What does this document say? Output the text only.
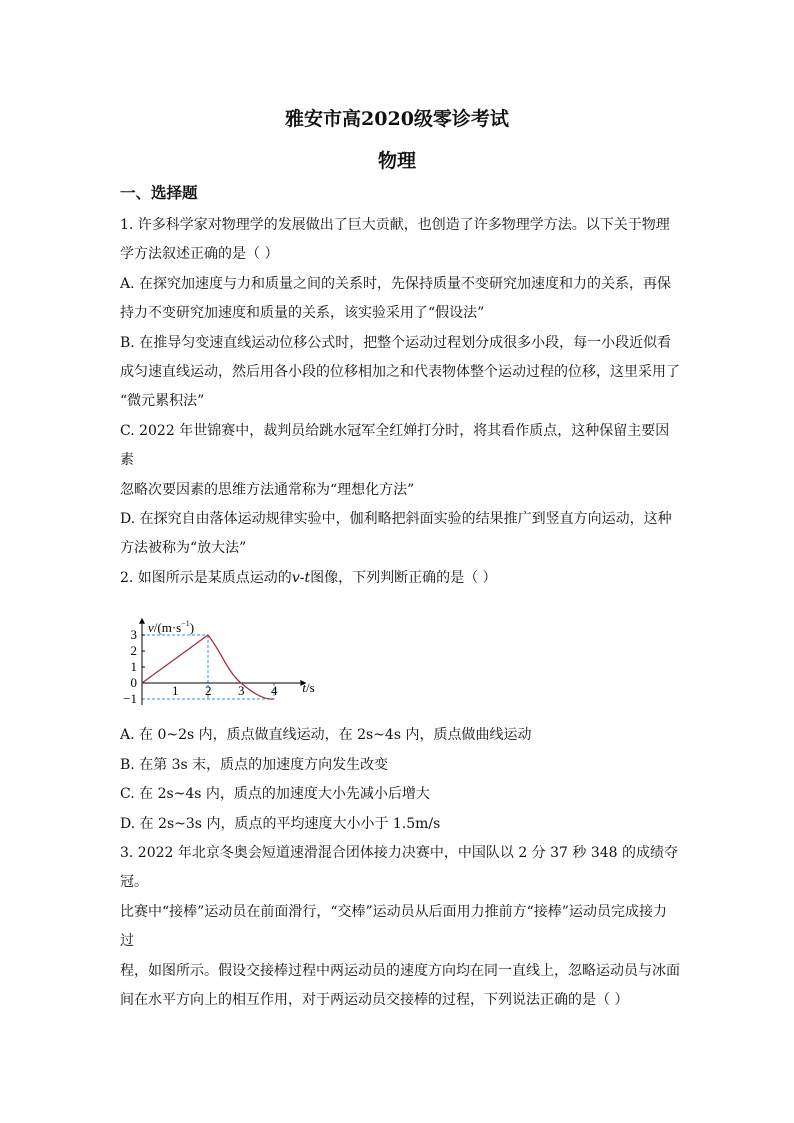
雅安市高2020级零诊考试
物理
一、选择题

1. 许多科学家对物理学的发展做出了巨大贡献，也创造了许多物理学方法。以下关于物理

学方法叙述正确的是（ ）

A. 在探究加速度与力和质量之间的关系时，先保持质量不变研究加速度和力的关系，再保

持力不变研究加速度和质量的关系，该实验采用了“假设法”

B. 在推导匀变速直线运动位移公式时，把整个运动过程划分成很多小段，每一小段近似看

成匀速直线运动，然后用各小段的位移相加之和代表物体整个运动过程的位移，这里采用了

“微元累积法”

C. 2022 年世锦赛中，裁判员给跳水冠军全红婵打分时，将其看作质点，这种保留主要因素

忽略次要因素的思维方法通常称为“理想化方法”

D. 在探究自由落体运动规律实验中，伽利略把斜面实验的结果推广到竖直方向运动，这种

方法被称为“放大法”

2. 如图所示是某质点运动的v-t图像，下列判断正确的是（ ）

1 2 3 4
3
2
1
0
−1
$v/(m\cdot s^{-1})$
t/s

A. 在 0~2s 内，质点做直线运动，在 2s~4s 内，质点做曲线运动

B. 在第 3s 末，质点的加速度方向发生改变

C. 在 2s~4s 内，质点的加速度大小先减小后增大

D. 在 2s~3s 内，质点的平均速度大小小于 1.5m/s

3. 2022 年北京冬奥会短道速滑混合团体接力决赛中，中国队以 2 分 37 秒 348 的成绩夺冠。

比赛中“接棒”运动员在前面滑行，“交棒”运动员从后面用力推前方“接棒”运动员完成接力过

程，如图所示。假设交接棒过程中两运动员的速度方向均在同一直线上，忽略运动员与冰面

间在水平方向上的相互作用，对于两运动员交接棒的过程，下列说法正确的是（ ）
